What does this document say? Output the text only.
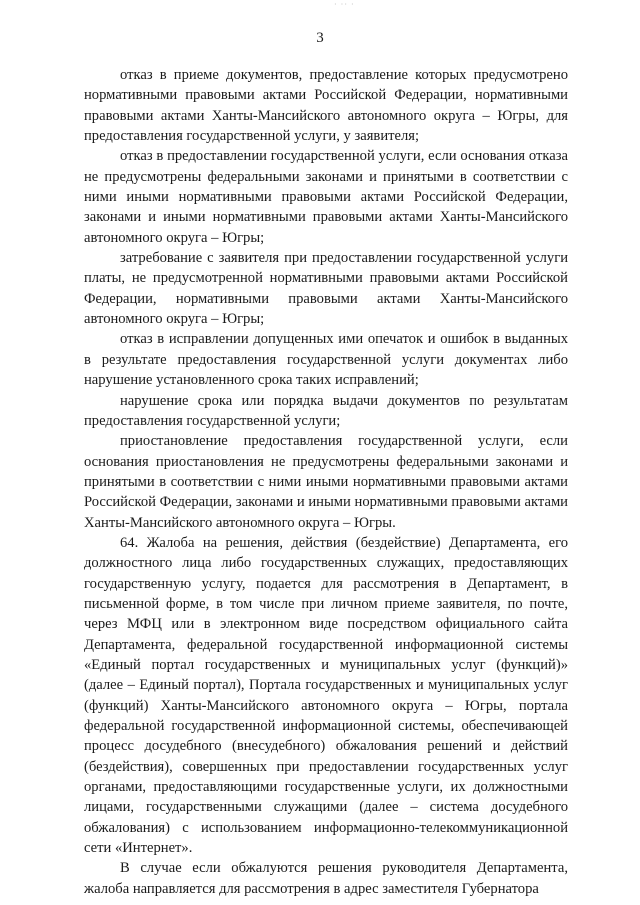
· ·· ·
3

отказ в приеме документов, предоставление которых предусмотрено нормативными правовыми актами Российской Федерации, нормативными правовыми актами Ханты-Мансийского автономного округа – Югры, для предоставления государственной услуги, у заявителя;

отказ в предоставлении государственной услуги, если основания отказа не предусмотрены федеральными законами и принятыми в соответствии с ними иными нормативными правовыми актами Российской Федерации, законами и иными нормативными правовыми актами Ханты-Мансийского автономного округа – Югры;

затребование с заявителя при предоставлении государственной услуги платы, не предусмотренной нормативными правовыми актами Российской Федерации, нормативными правовыми актами Ханты-Мансийского автономного округа – Югры;

отказ в исправлении допущенных ими опечаток и ошибок в выданных в результате предоставления государственной услуги документах либо нарушение установленного срока таких исправлений;

нарушение срока или порядка выдачи документов по результатам предоставления государственной услуги;

приостановление предоставления государственной услуги, если основания приостановления не предусмотрены федеральными законами и принятыми в соответствии с ними иными нормативными правовыми актами Российской Федерации, законами и иными нормативными правовыми актами Ханты-Мансийского автономного округа – Югры.

64. Жалоба на решения, действия (бездействие) Департамента, его должностного лица либо государственных служащих, предоставляющих государственную услугу, подается для рассмотрения в Департамент, в письменной форме, в том числе при личном приеме заявителя, по почте, через МФЦ или в электронном виде посредством официального сайта Департамента, федеральной государственной информационной системы «Единый портал государственных и муниципальных услуг (функций)» (далее – Единый портал), Портала государственных и муниципальных услуг (функций) Ханты-Мансийского автономного округа – Югры, портала федеральной государственной информационной системы, обеспечивающей процесс досудебного (внесудебного) обжалования решений и действий (бездействия), совершенных при предоставлении государственных услуг органами, предоставляющими государственные услуги, их должностными лицами, государственными служащими (далее – система досудебного обжалования) с использованием информационно-телекоммуникационной сети «Интернет».

В случае если обжалуются решения руководителя Департамента, жалоба направляется для рассмотрения в адрес заместителя Губернатора
